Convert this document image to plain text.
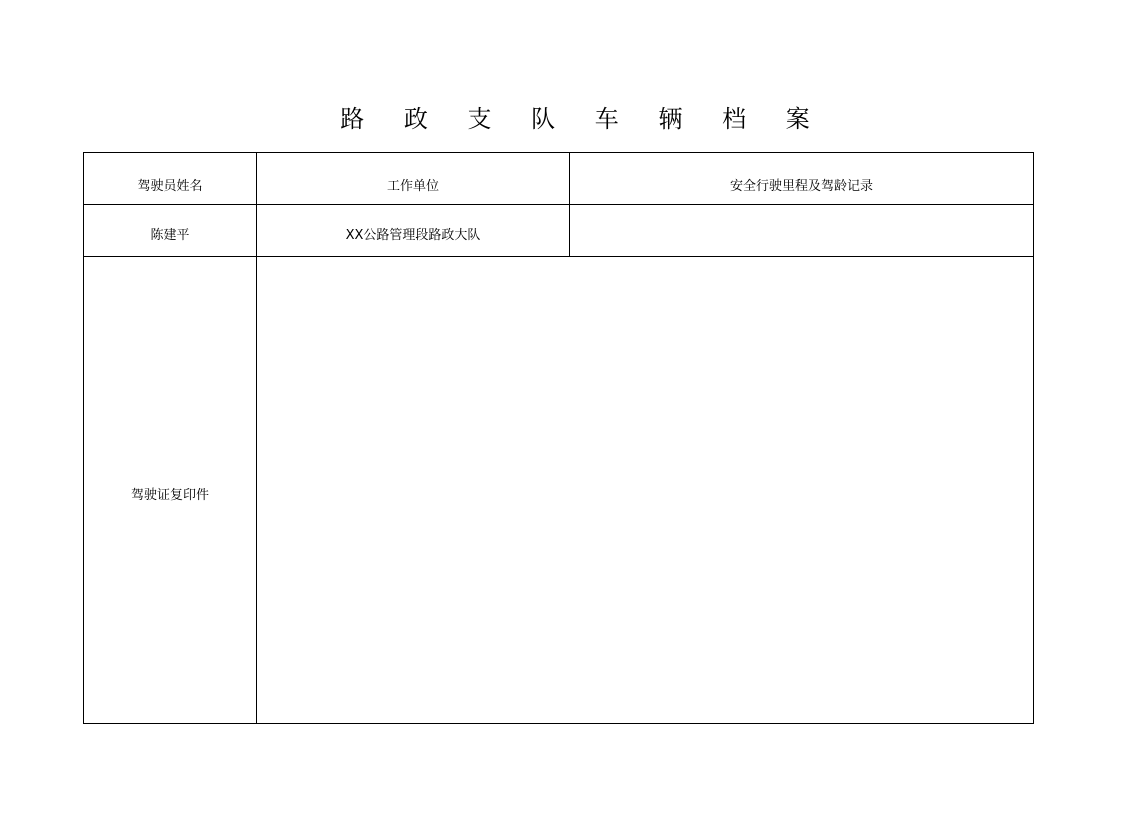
路 政 支 队 车 辆 档 案
驾驶员姓名	工作单位	安全行驶里程及驾龄记录
陈建平	XX公路管理段路政大队	
驾驶证复印件		
